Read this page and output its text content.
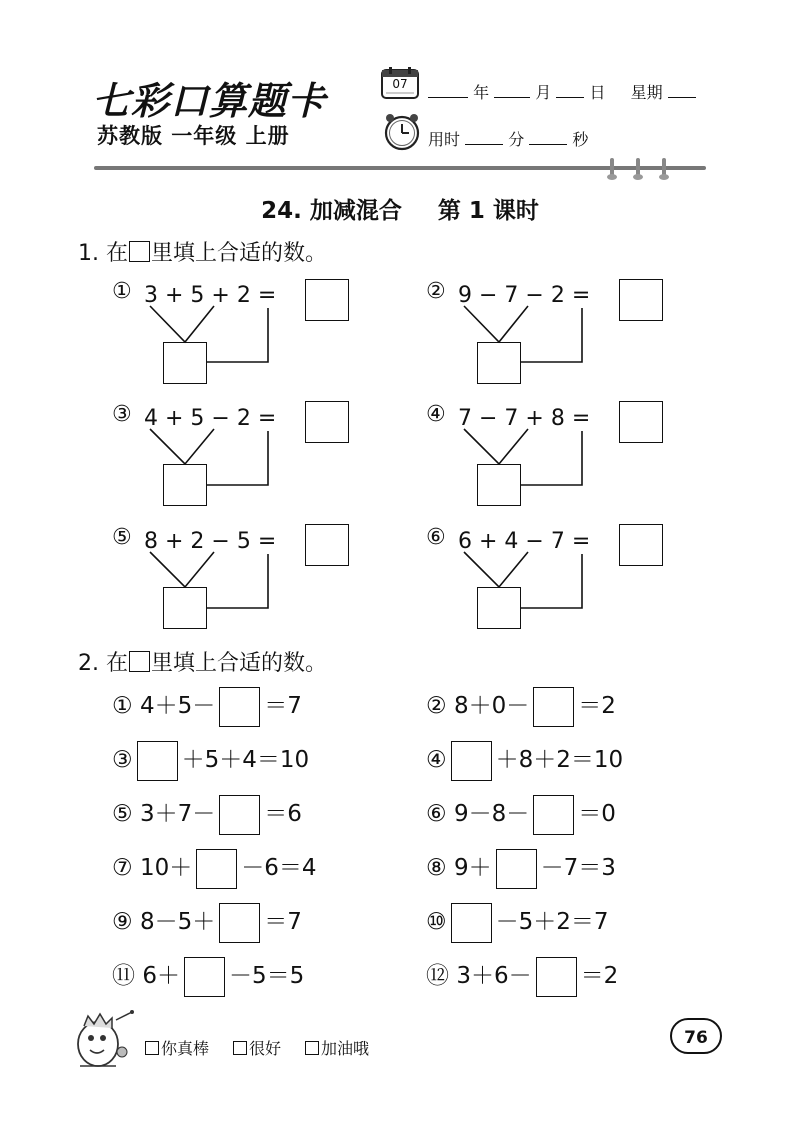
七彩口算题卡
苏教版 一年级 上册
07	年	月 日 星期
用时	分	秒
24. 加减混合 第 1 课时
1. 在 里填上合适的数。
① 3 + 5 + 2 =	② 9 − 7 − 2 =
③ 4 + 5 − 2 =	④ 7 − 7 + 8 =
⑤ 8 + 2 − 5 =	⑥ 6 + 4 − 7 =
2. 在 里填上合适的数。
① 4＋5－ ＝7	② 8＋0－ ＝2
③ ＋5＋4＝10	④ ＋8＋2＝10
⑤ 3＋7－ ＝6	⑥ 9－8－ ＝0
⑦ 10＋ －6＝4	⑧ 9＋ －7＝3
⑨ 8－5＋ ＝7	⑩ －5＋2＝7
⑪ 6＋ －5＝5	⑫ 3＋6－ ＝2
你真棒	很好	加油哦
76
